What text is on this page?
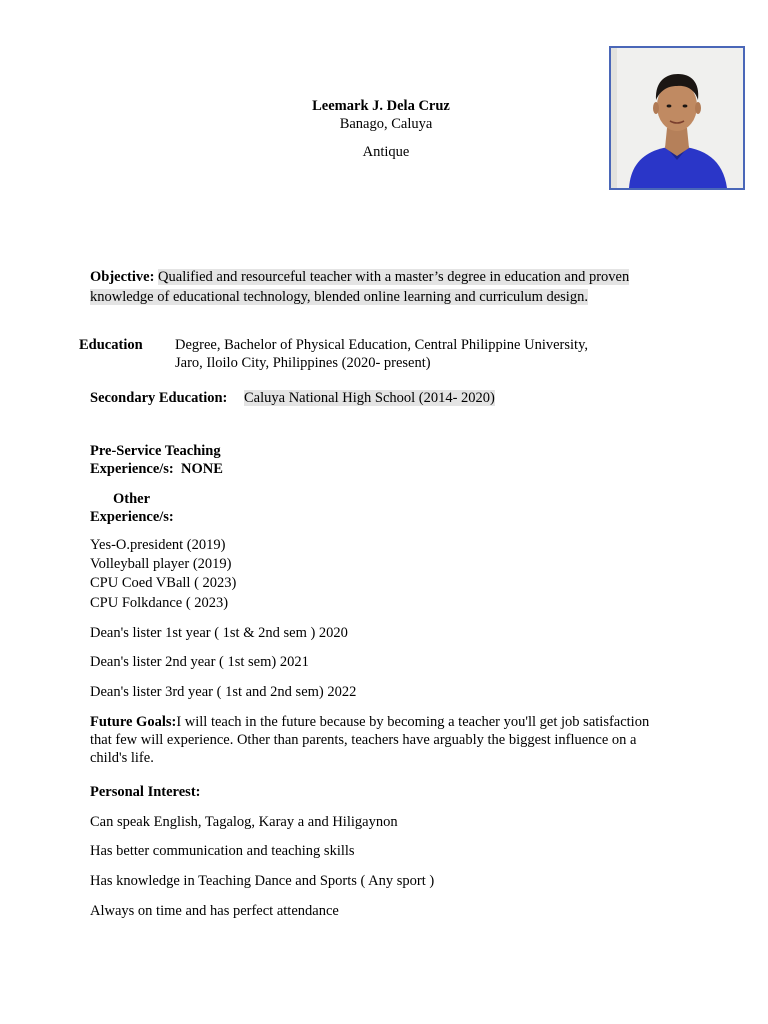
Leemark J. Dela Cruz
Banago, Caluya
Antique
Objective: Qualified and resourceful teacher with a master’s degree in education and proven
knowledge of educational technology, blended online learning and curriculum design.
Education Degree, Bachelor of Physical Education, Central Philippine University,
Jaro, Iloilo City, Philippines (2020- present)
Secondary Education: Caluya National High School (2014- 2020)
Pre-Service Teaching
Experience/s: NONE
Other
Experience/s:
Yes-O.president (2019)
Volleyball player (2019)
CPU Coed VBall ( 2023)
CPU Folkdance ( 2023)
Dean's lister 1st year ( 1st & 2nd sem ) 2020
Dean's lister 2nd year ( 1st sem) 2021
Dean's lister 3rd year ( 1st and 2nd sem) 2022
Future Goals:I will teach in the future because by becoming a teacher you'll get job satisfaction
that few will experience. Other than parents, teachers have arguably the biggest influence on a
child's life.
Personal Interest:
Can speak English, Tagalog, Karay a and Hiligaynon
Has better communication and teaching skills
Has knowledge in Teaching Dance and Sports ( Any sport )
Always on time and has perfect attendance
